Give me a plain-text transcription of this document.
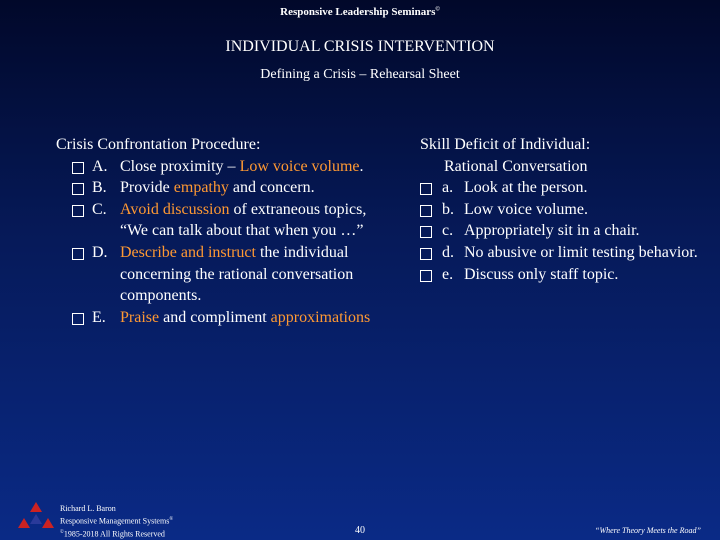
Responsive Leadership Seminars©
INDIVIDUAL CRISIS INTERVENTION
Defining a Crisis – Rehearsal Sheet
Crisis Confrontation Procedure:
A. Close proximity – Low voice volume.
B. Provide empathy and concern.
C. Avoid discussion of extraneous topics, “We can talk about that when you …”
D. Describe and instruct the individual concerning the rational conversation components.
E. Praise and compliment approximations
Skill Deficit of Individual:
Rational Conversation
a. Look at the person.
b. Low voice volume.
c. Appropriately sit in a chair.
d. No abusive or limit testing behavior.
e. Discuss only staff topic.
Richard L. Baron
Responsive Management Systems®
©1985-2018 All Rights Reserved	40	“Where Theory Meets the Road”
